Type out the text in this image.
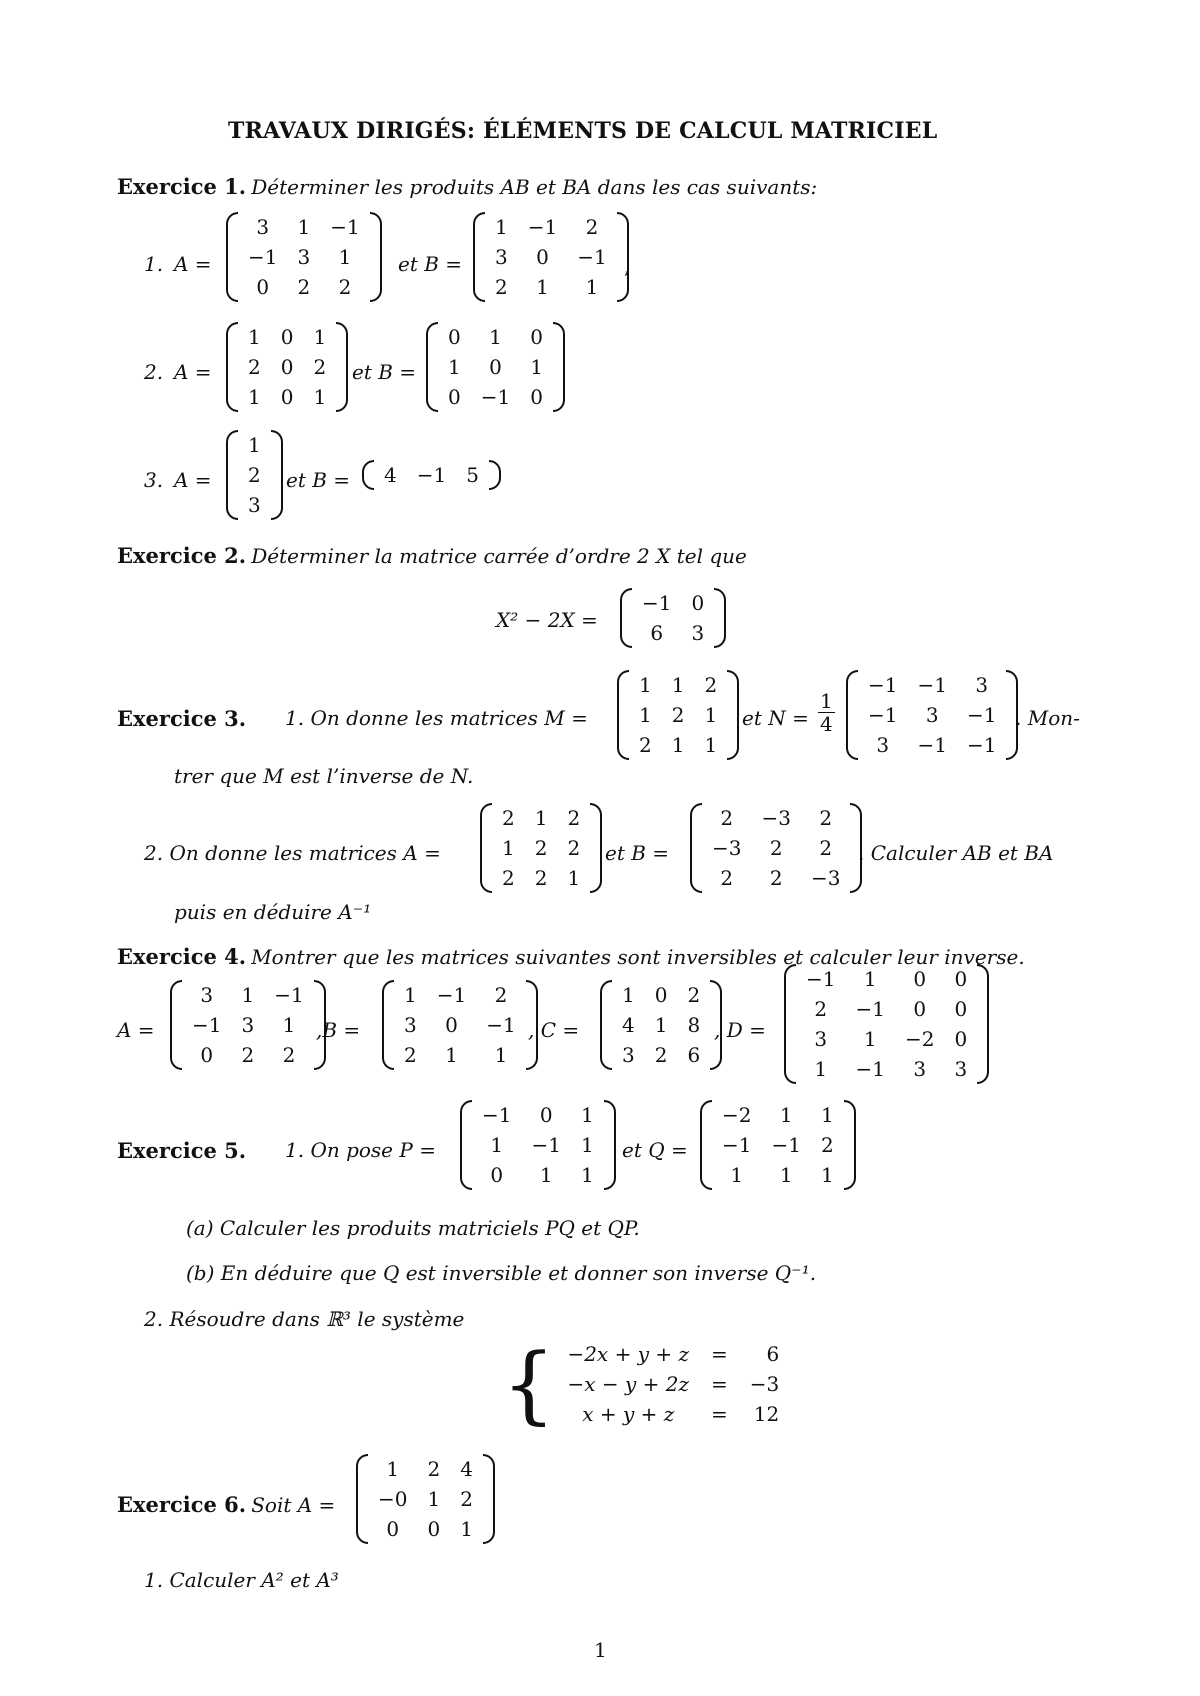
TRAVAUX DIRIGÉS: ÉLÉMENTS DE CALCUL MATRICIEL
Exercice 1. Déterminer les produits AB et BA dans les cas suivants:
1. A =
3	1	−1
−1	3	1
0	2	2
et B =
1	−1	2
3	0	−1
2	1	1
,
2. A =
1	0	1
2	0	2
1	0	1
et B =
0	1	0
1	0	1
0	−1	0
3. A =
1
2
3
et B = 4	−1	5
Exercice 2. Déterminer la matrice carrée d’ordre 2 X tel que
X² − 2X =
−1	0
6	3
Exercice 3. 1. On donne les matrices M =
1	1	2
1	2	1
2	1	1
et $N = \frac{1}{4}$
−1	−1	3
−1	3	−1
3	−1	−1
. Mon-
trer que M est l’inverse de N.
2. On donne les matrices A =
2	1	2
1	2	2
2	2	1
et B =
2	−3	2
−3	2	2
2	2	−3
. Calculer AB et BA
puis en déduire A⁻¹
Exercice 4. Montrer que les matrices suivantes sont inversibles et calculer leur inverse.
A =
3	1	−1
−1	3	1
0	2	2
,B =
1	−1	2
3	0	−1
2	1	1
, C =
1	0	2
4	1	8
3	2	6
, D =
−1	1	0	0
2	−1	0	0
3	1	−2	0
1	−1	3	3
Exercice 5. 1. On pose P =
−1	0	1
1	−1	1
0	1	1
et Q =
−2	1	1
−1	−1	2
1	1	1
(a) Calculer les produits matriciels PQ et QP.
(b) En déduire que Q est inversible et donner son inverse Q⁻¹.
2. Résoudre dans ℝ³ le système
{ −2x + y + z	=	6
−x − y + 2z	=	−3
x + y + z	=	12
Exercice 6. Soit A =
1	2	4
−0	1	2
0	0	1
1. Calculer A² et A³
1
